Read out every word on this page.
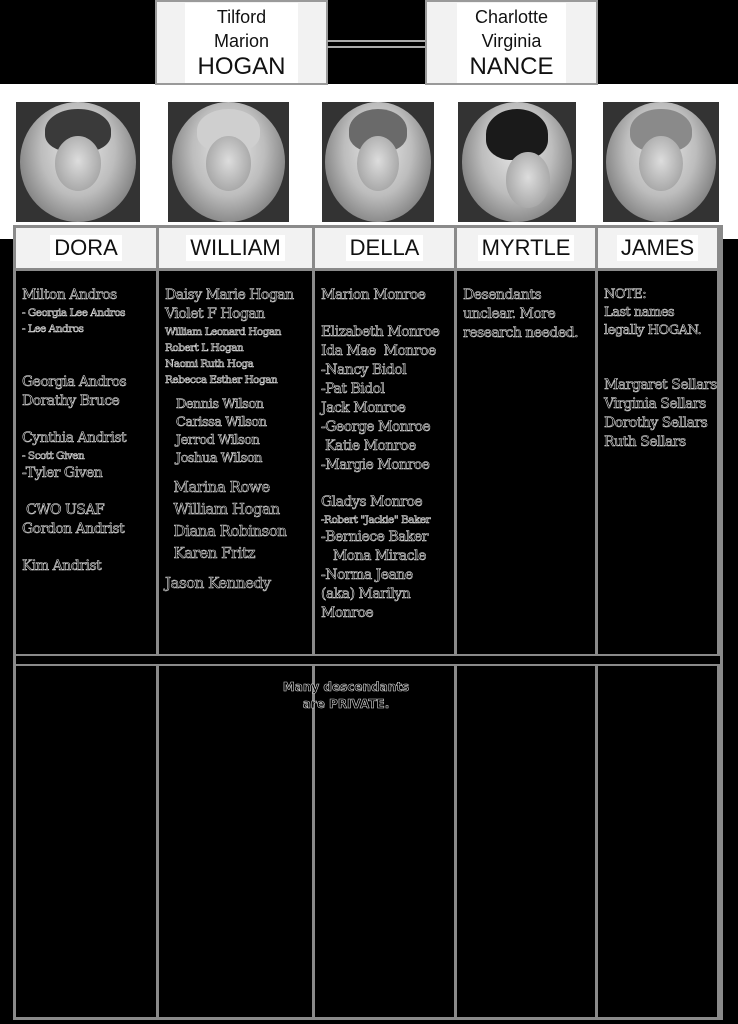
Tilford
Marion
HOGAN
Charlotte
Virginia
NANCE
DORA
Milton Andros
- Georgia Lee Andros
- Lee Andros
Georgia Andros
Dorathy Bruce
Cynthia Andrist
- Scott Given
-Tyler Given
CWO USAF
Gordon Andrist
Kim Andrist
WILLIAM
Daisy Marie Hogan
Violet F Hogan
William Leonard Hogan
Robert L Hogan
Naomi Ruth Hoga
Rebecca Esther Hogan
Dennis Wilson
Carissa Wilson
Jerrod Wilson
Joshua Wilson
Marina Rowe
William Hogan
Diana Robinson
Karen Fritz
Jason Kennedy
DELLA
Marion Monroe
Elizabeth Monroe
Ida Mae  Monroe
-Nancy Bidol
-Pat Bidol
Jack Monroe
-George Monroe
Katie Monroe
-Margie Monroe
Gladys Monroe
-Robert "Jackie" Baker
-Berniece Baker
Mona Miracle
-Norma Jeane
(aka) Marilyn
Monroe
MYRTLE
Desendants
unclear. More
research needed.
JAMES
NOTE:
Last names
legally HOGAN.
Margaret Sellars
Virginia Sellars
Dorothy Sellars
Ruth Sellars
Many descendants
are PRIVATE.
